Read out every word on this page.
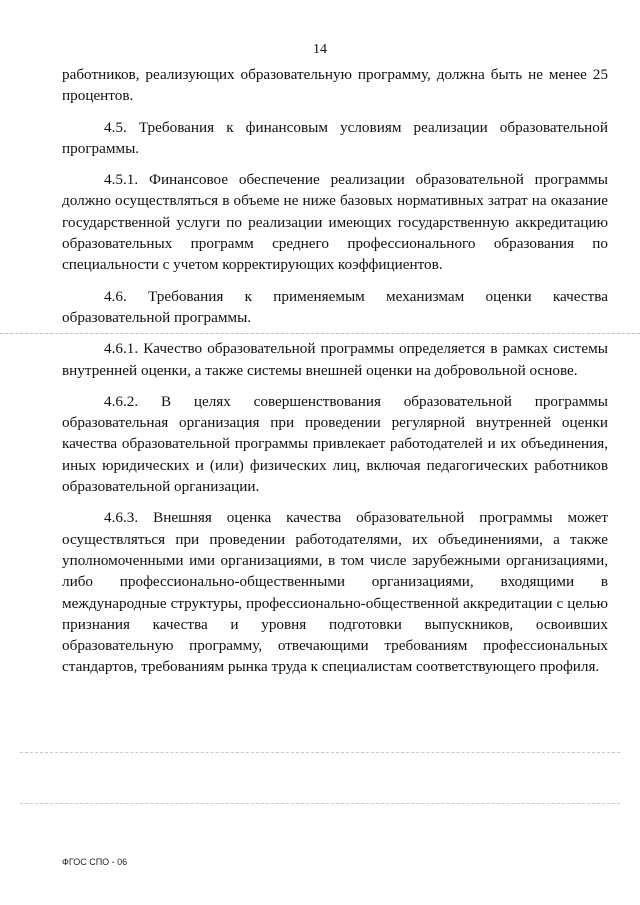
14

работников, реализующих образовательную программу, должна быть не менее 25 процентов.

4.5. Требования к финансовым условиям реализации образовательной программы.

4.5.1. Финансовое обеспечение реализации образовательной программы должно осуществляться в объеме не ниже базовых нормативных затрат на оказание государственной услуги по реализации имеющих государственную аккредитацию образовательных программ среднего профессионального образования по специальности с учетом корректирующих коэффициентов.

4.6. Требования к применяемым механизмам оценки качества образовательной программы.

4.6.1. Качество образовательной программы определяется в рамках системы внутренней оценки, а также системы внешней оценки на добровольной основе.

4.6.2. В целях совершенствования образовательной программы образовательная организация при проведении регулярной внутренней оценки качества образовательной программы привлекает работодателей и их объединения, иных юридических и (или) физических лиц, включая педагогических работников образовательной организации.

4.6.3. Внешняя оценка качества образовательной программы может осуществляться при проведении работодателями, их объединениями, а также уполномоченными ими организациями, в том числе зарубежными организациями, либо профессионально-общественными организациями, входящими в международные структуры, профессионально-общественной аккредитации с целью признания качества и уровня подготовки выпускников, освоивших образовательную программу, отвечающими требованиям профессиональных стандартов, требованиям рынка труда к специалистам соответствующего профиля.

ФГОС СПО - 06
